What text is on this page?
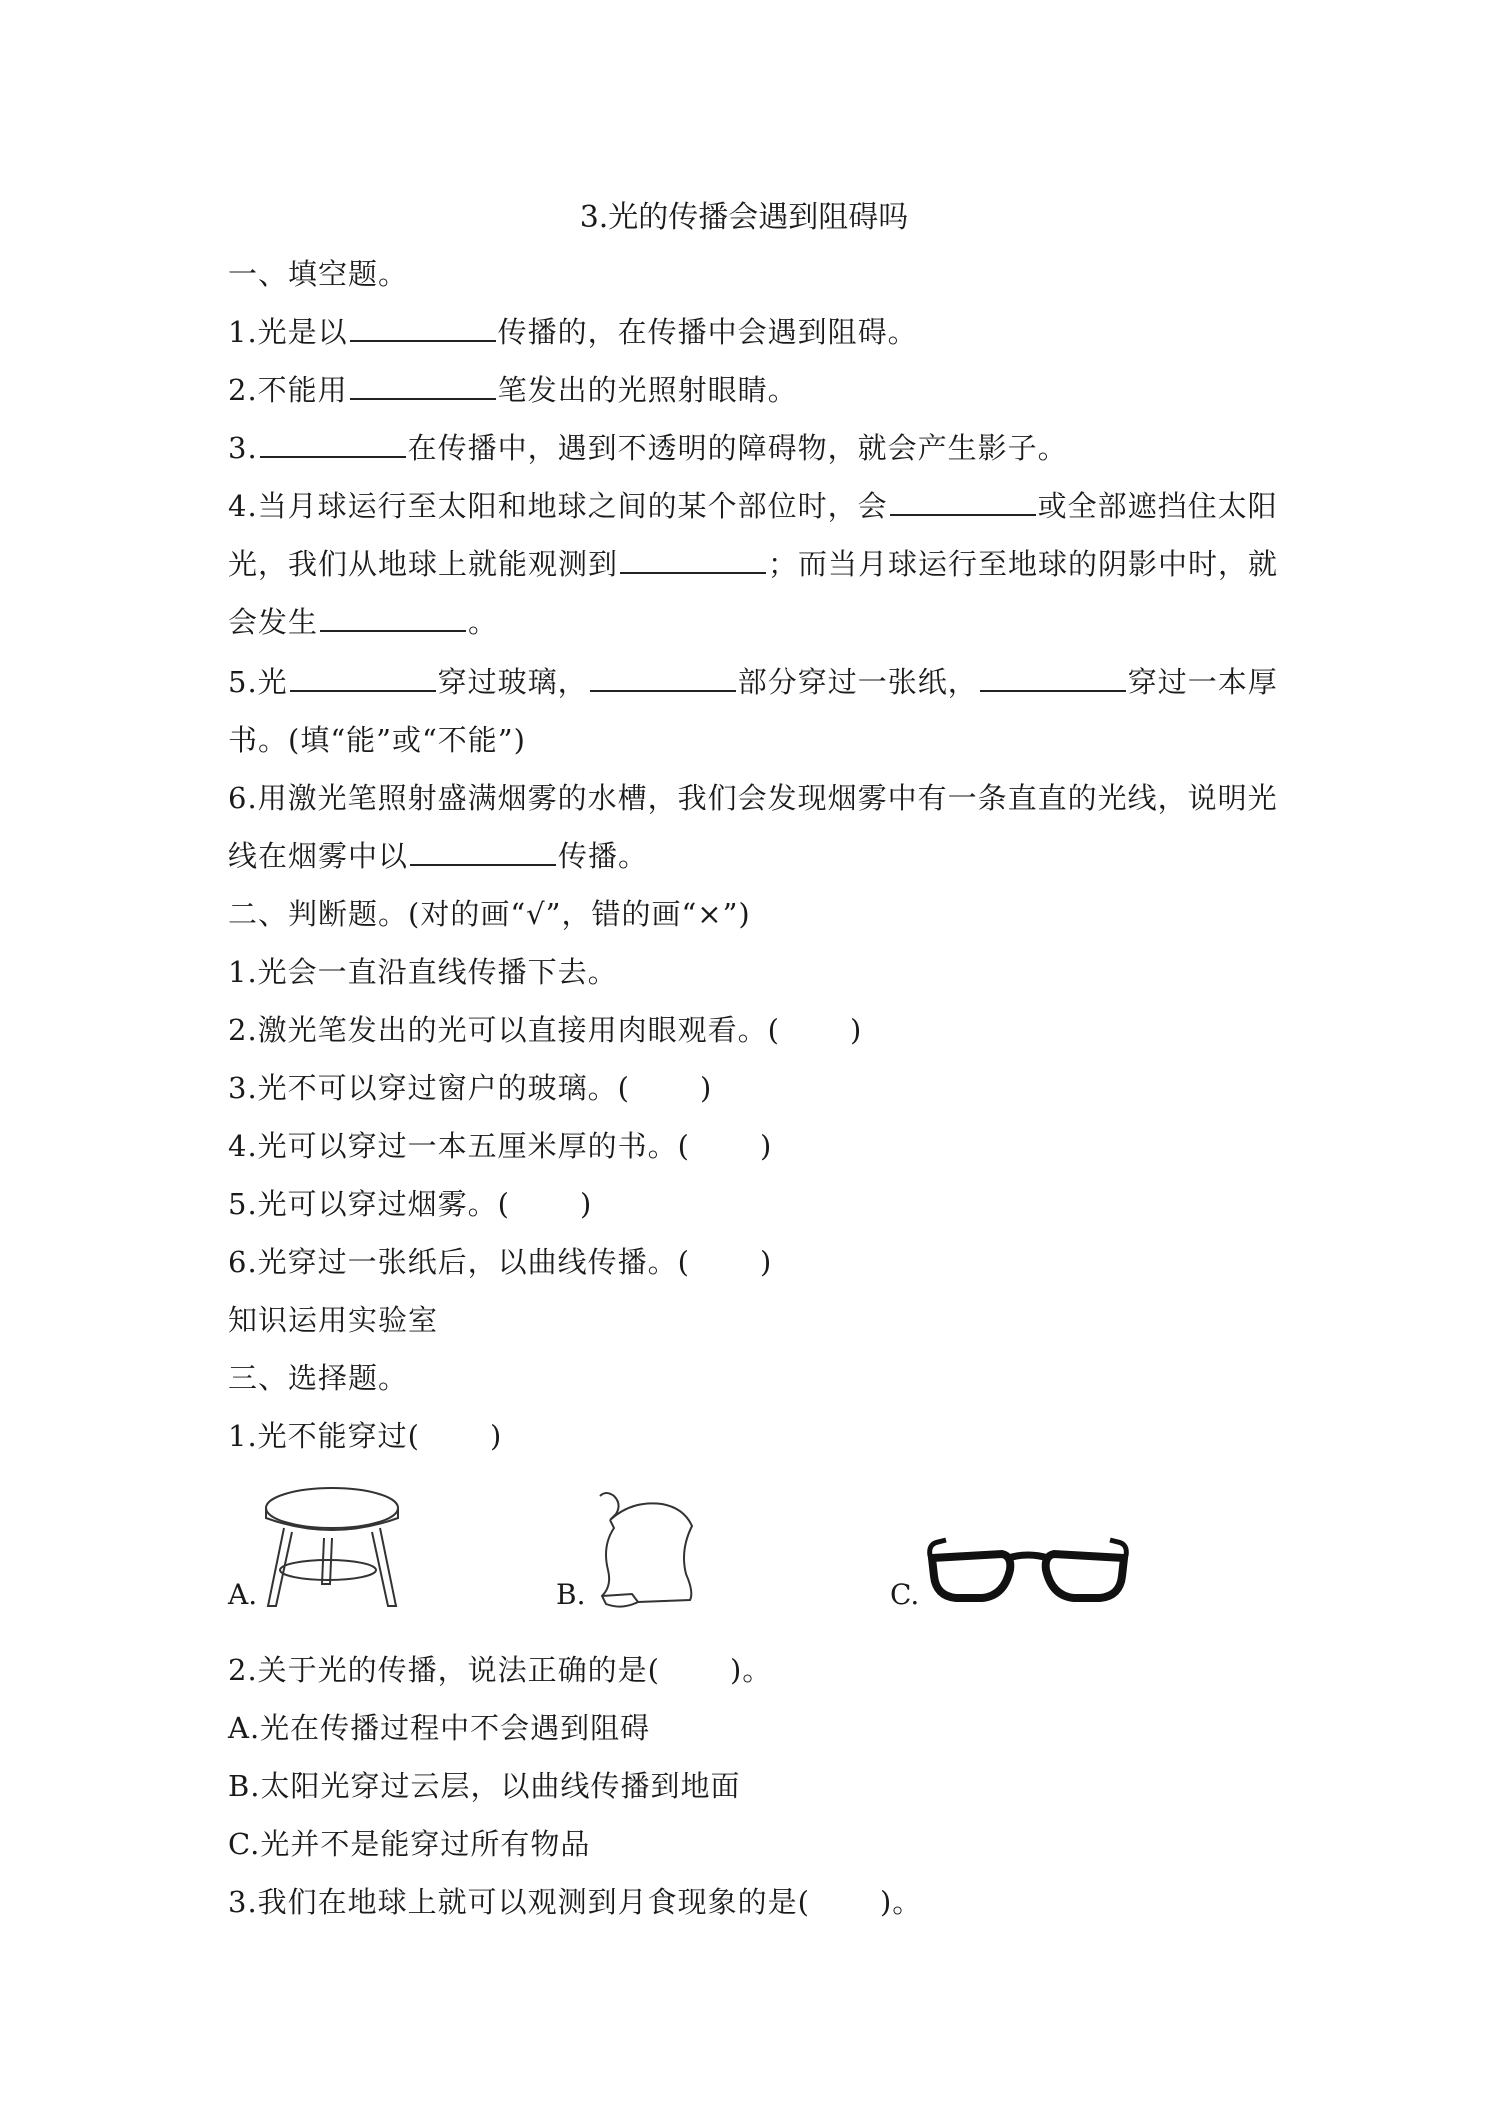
3.光的传播会遇到阻碍吗
一、填空题。
1.光是以	传播的，在传播中会遇到阻碍。
2.不能用	笔发出的光照射眼睛。
3.	在传播中，遇到不透明的障碍物，就会产生影子。
4.当月球运行至太阳和地球之间的某个部位时，会	或全部遮挡住太阳
光，我们从地球上就能观测到	；而当月球运行至地球的阴影中时，就
会发生	。
5.光	穿过玻璃，	部分穿过一张纸，	穿过一本厚
书。(填“能”或“不能”)
6.用激光笔照射盛满烟雾的水槽，我们会发现烟雾中有一条直直的光线，说明光
线在烟雾中以	传播。
二、判断题。(对的画“√”，错的画“×”)
1.光会一直沿直线传播下去。
2.激光笔发出的光可以直接用肉眼观看。( )
3.光不可以穿过窗户的玻璃。( )
4.光可以穿过一本五厘米厚的书。( )
5.光可以穿过烟雾。( )
6.光穿过一张纸后，以曲线传播。( )
知识运用实验室
三、选择题。
1.光不能穿过( )
A.	B.	C.
2.关于光的传播，说法正确的是( )。
A.光在传播过程中不会遇到阻碍
B.太阳光穿过云层，以曲线传播到地面
C.光并不是能穿过所有物品
3.我们在地球上就可以观测到月食现象的是( )。
